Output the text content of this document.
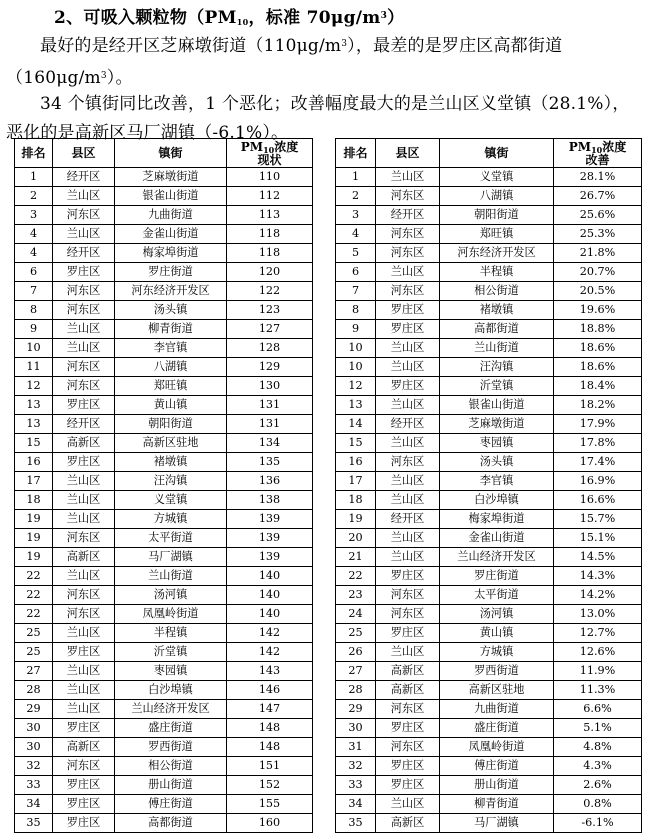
2、可吸入颗粒物（$PM_{10}$，标准 $70\mu g/m^3$）
最好的是经开区芝麻墩街道$(110\mu g/m^3)$，最差的是罗庄区高都街道$(160\mu g/m^3)$。
34 个镇街同比改善，1 个恶化；改善幅度最大的是兰山区义堂镇（28.1%），恶化的是高新区马厂湖镇（-6.1%）。
排名	县区	镇街	$PM_{10}$浓度
现状
1	经开区	芝麻墩街道	110
2	兰山区	银雀山街道	112
3	河东区	九曲街道	113
4	兰山区	金雀山街道	118
4	经开区	梅家埠街道	118
6	罗庄区	罗庄街道	120
7	河东区	河东经济开发区	122
8	河东区	汤头镇	123
9	兰山区	柳青街道	127
10	兰山区	李官镇	128
11	河东区	八湖镇	129
12	河东区	郑旺镇	130
13	罗庄区	黄山镇	131
13	经开区	朝阳街道	131
15	高新区	高新区驻地	134
16	罗庄区	褚墩镇	135
17	兰山区	汪沟镇	136
18	兰山区	义堂镇	138
19	兰山区	方城镇	139
19	河东区	太平街道	139
19	高新区	马厂湖镇	139
22	兰山区	兰山街道	140
22	河东区	汤河镇	140
22	河东区	凤凰岭街道	140
25	兰山区	半程镇	142
25	罗庄区	沂堂镇	142
27	兰山区	枣园镇	143
28	兰山区	白沙埠镇	146
29	兰山区	兰山经济开发区	147
30	罗庄区	盛庄街道	148
30	高新区	罗西街道	148
32	河东区	相公街道	151
33	罗庄区	册山街道	152
34	罗庄区	傅庄街道	155
35	罗庄区	高都街道	160
排名	县区	镇街	$PM_{10}$浓度
改善
1	兰山区	义堂镇	28.1%
2	河东区	八湖镇	26.7%
3	经开区	朝阳街道	25.6%
4	河东区	郑旺镇	25.3%
5	河东区	河东经济开发区	21.8%
6	兰山区	半程镇	20.7%
7	河东区	相公街道	20.5%
8	罗庄区	褚墩镇	19.6%
9	罗庄区	高都街道	18.8%
10	兰山区	兰山街道	18.6%
10	兰山区	汪沟镇	18.6%
12	罗庄区	沂堂镇	18.4%
13	兰山区	银雀山街道	18.2%
14	经开区	芝麻墩街道	17.9%
15	兰山区	枣园镇	17.8%
16	河东区	汤头镇	17.4%
17	兰山区	李官镇	16.9%
18	兰山区	白沙埠镇	16.6%
19	经开区	梅家埠街道	15.7%
20	兰山区	金雀山街道	15.1%
21	兰山区	兰山经济开发区	14.5%
22	罗庄区	罗庄街道	14.3%
23	河东区	太平街道	14.2%
24	河东区	汤河镇	13.0%
25	罗庄区	黄山镇	12.7%
26	兰山区	方城镇	12.6%
27	高新区	罗西街道	11.9%
28	高新区	高新区驻地	11.3%
29	河东区	九曲街道	6.6%
30	罗庄区	盛庄街道	5.1%
31	河东区	凤凰岭街道	4.8%
32	罗庄区	傅庄街道	4.3%
33	罗庄区	册山街道	2.6%
34	兰山区	柳青街道	0.8%
35	高新区	马厂湖镇	-6.1%
